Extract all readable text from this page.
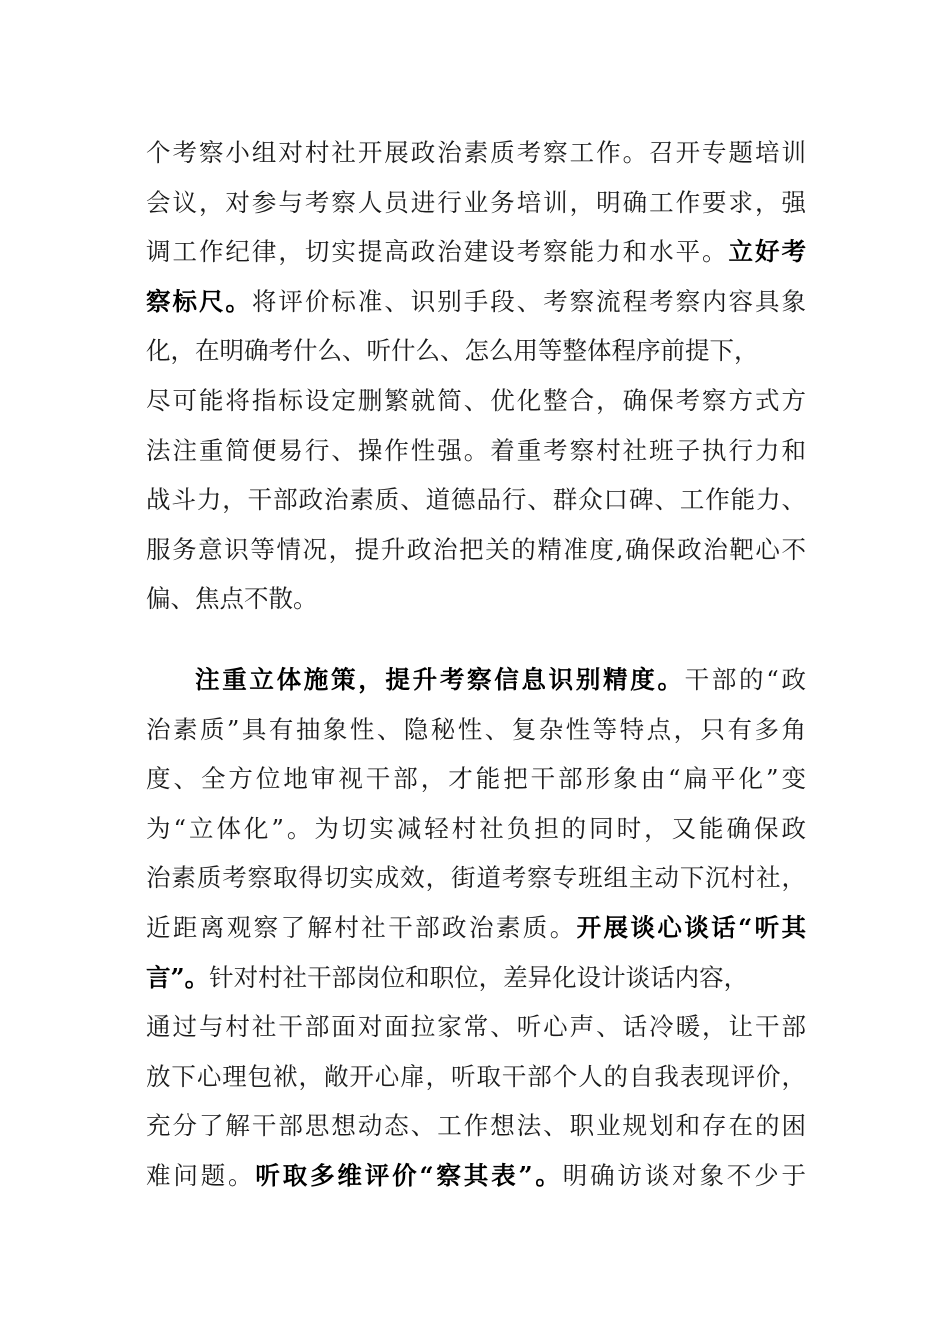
个考察小组对村社开展政治素质考察工作。召开专题培训
会议，对参与考察人员进行业务培训，明确工作要求，强
调工作纪律，切实提高政治建设考察能力和水平。立好考
察标尺。将评价标准、识别手段、考察流程考察内容具象
化，在明确考什么、听什么、怎么用等整体程序前提下，
尽可能将指标设定删繁就简、优化整合，确保考察方式方
法注重简便易行、操作性强。着重考察村社班子执行力和
战斗力，干部政治素质、道德品行、群众口碑、工作能力、
服务意识等情况，提升政治把关的精准度,确保政治靶心不
偏、焦点不散。
注重立体施策，提升考察信息识别精度。干部的“政
治素质”具有抽象性、隐秘性、复杂性等特点，只有多角
度、全方位地审视干部，才能把干部形象由“扁平化”变
为“立体化”。为切实减轻村社负担的同时，又能确保政
治素质考察取得切实成效，街道考察专班组主动下沉村社，
近距离观察了解村社干部政治素质。开展谈心谈话“听其
言”。针对村社干部岗位和职位，差异化设计谈话内容，
通过与村社干部面对面拉家常、听心声、话冷暖，让干部
放下心理包袱，敞开心扉，听取干部个人的自我表现评价，
充分了解干部思想动态、工作想法、职业规划和存在的困
难问题。听取多维评价“察其表”。明确访谈对象不少于
